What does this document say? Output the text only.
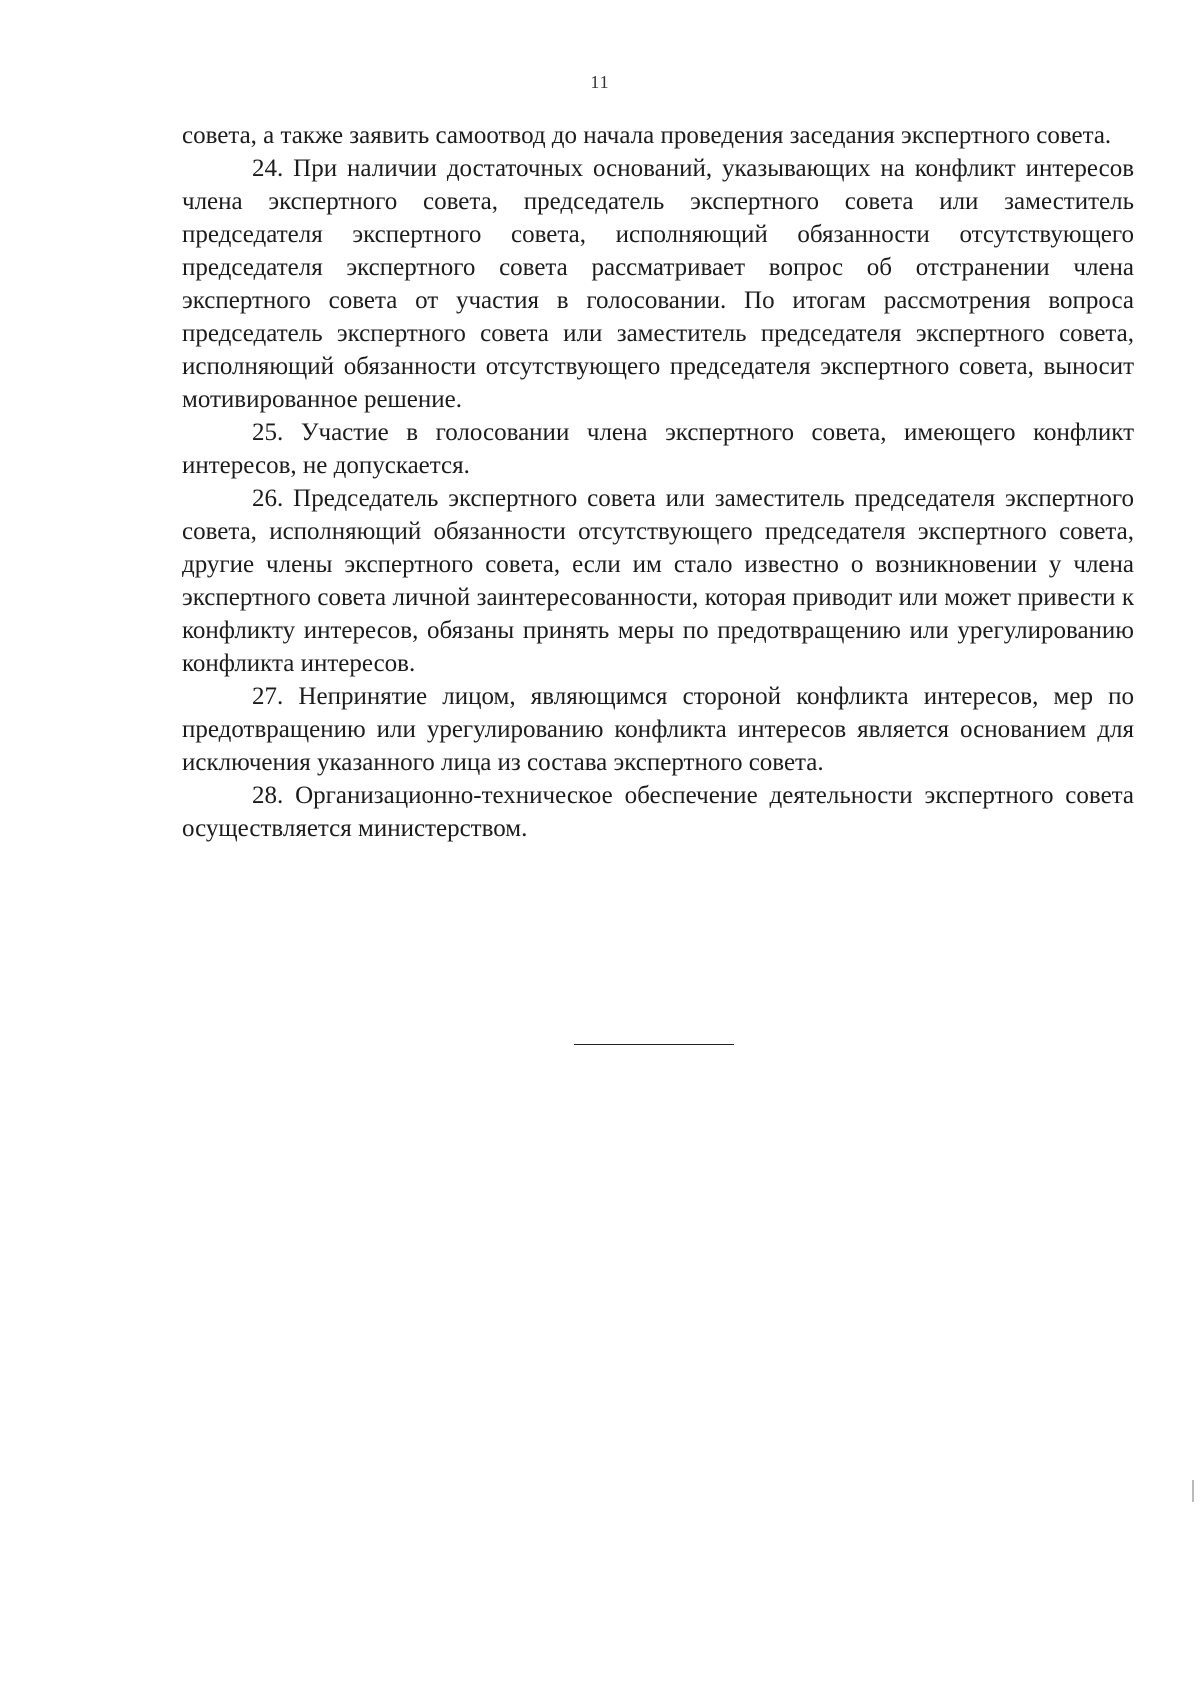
11

совета, а также заявить самоотвод до начала проведения заседания экспертного совета.

24. При наличии достаточных оснований, указывающих на конфликт интересов члена экспертного совета, председатель экспертного совета или заместитель председателя экспертного совета, исполняющий обязанности отсутствующего председателя экспертного совета рассматривает вопрос об отстранении члена экспертного совета от участия в голосовании. По итогам рассмотрения вопроса председатель экспертного совета или заместитель председателя экспертного совета, исполняющий обязанности отсутствующего председателя экспертного совета, выносит мотивированное решение.

25. Участие в голосовании члена экспертного совета, имеющего конфликт интересов, не допускается.

26. Председатель экспертного совета или заместитель председателя экспертного совета, исполняющий обязанности отсутствующего председателя экспертного совета, другие члены экспертного совета, если им стало известно о возникновении у члена экспертного совета личной заинтересованности, которая приводит или может привести к конфликту интересов, обязаны принять меры по предотвращению или урегулированию конфликта интересов.

27. Непринятие лицом, являющимся стороной конфликта интересов, мер по предотвращению или урегулированию конфликта интересов является основанием для исключения указанного лица из состава экспертного совета.

28. Организационно-техническое обеспечение деятельности экспертного совета осуществляется министерством.
